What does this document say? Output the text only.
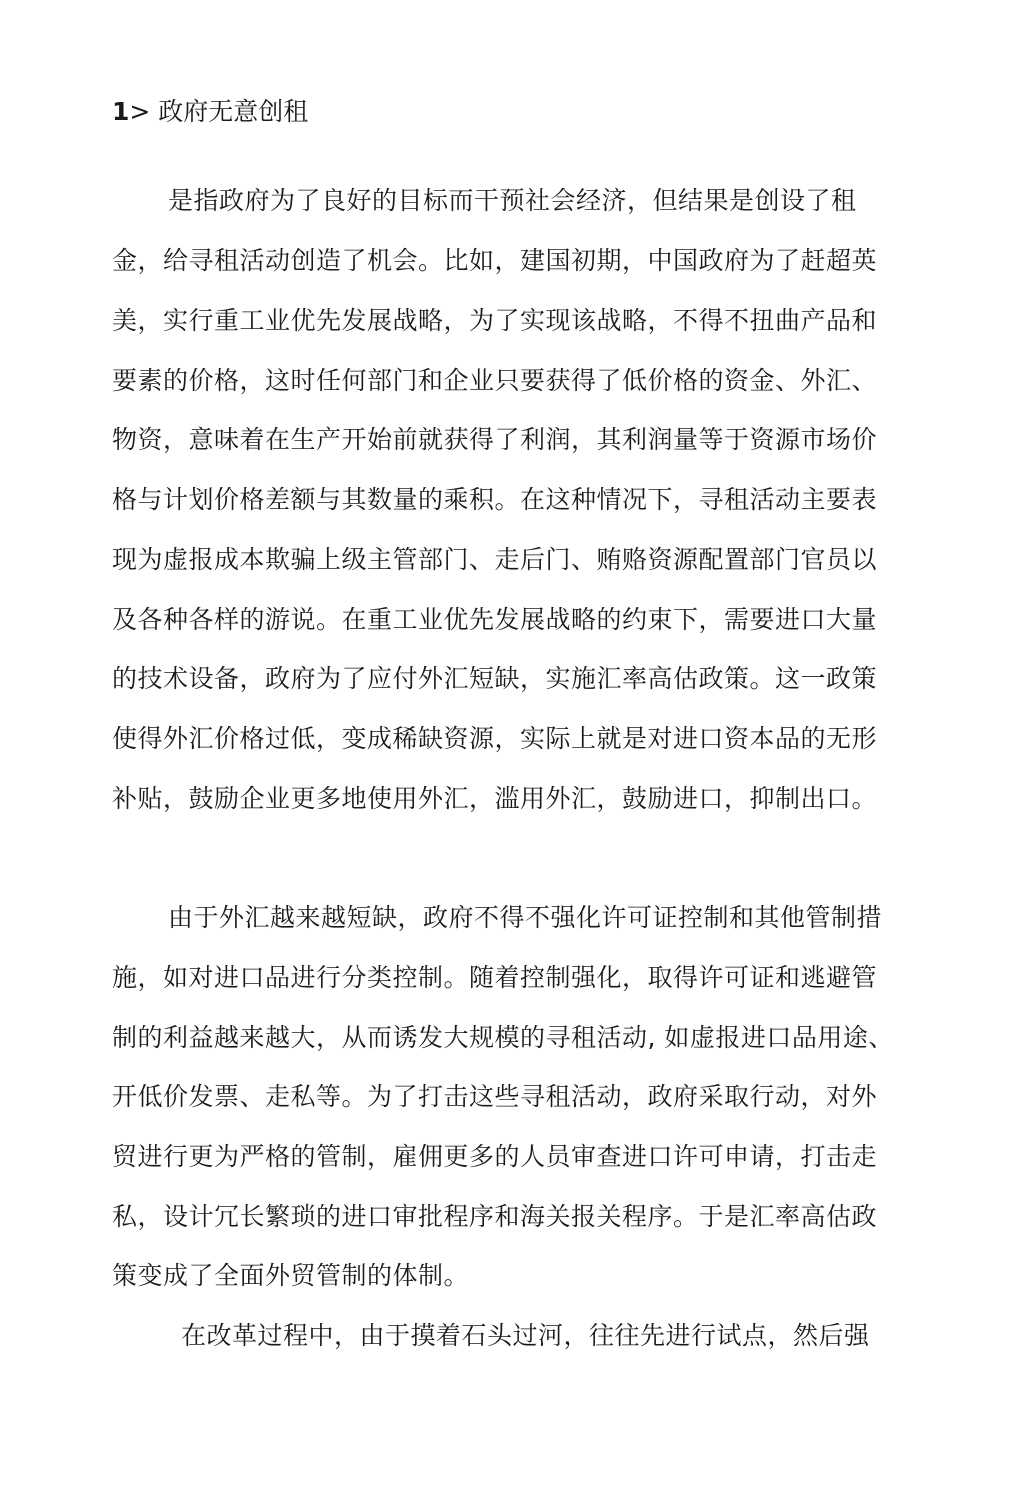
1> 政府无意创租

是指政府为了良好的目标而干预社会经济，但结果是创设了租

金，给寻租活动创造了机会。比如，建国初期，中国政府为了赶超英

美，实行重工业优先发展战略，为了实现该战略，不得不扭曲产品和

要素的价格，这时任何部门和企业只要获得了低价格的资金、外汇、

物资，意味着在生产开始前就获得了利润，其利润量等于资源市场价

格与计划价格差额与其数量的乘积。在这种情况下，寻租活动主要表

现为虚报成本欺骗上级主管部门、走后门、贿赂资源配置部门官员以

及各种各样的游说。在重工业优先发展战略的约束下，需要进口大量

的技术设备，政府为了应付外汇短缺，实施汇率高估政策。这一政策

使得外汇价格过低，变成稀缺资源，实际上就是对进口资本品的无形

补贴，鼓励企业更多地使用外汇，滥用外汇，鼓励进口，抑制出口。

由于外汇越来越短缺，政府不得不强化许可证控制和其他管制措

施，如对进口品进行分类控制。随着控制强化，取得许可证和逃避管

制的利益越来越大，从而诱发大规模的寻租活动, 如虚报进口品用途、

开低价发票、走私等。为了打击这些寻租活动，政府采取行动，对外

贸进行更为严格的管制，雇佣更多的人员审查进口许可申请，打击走

私，设计冗长繁琐的进口审批程序和海关报关程序。于是汇率高估政

策变成了全面外贸管制的体制。

在改革过程中，由于摸着石头过河，往往先进行试点，然后强
